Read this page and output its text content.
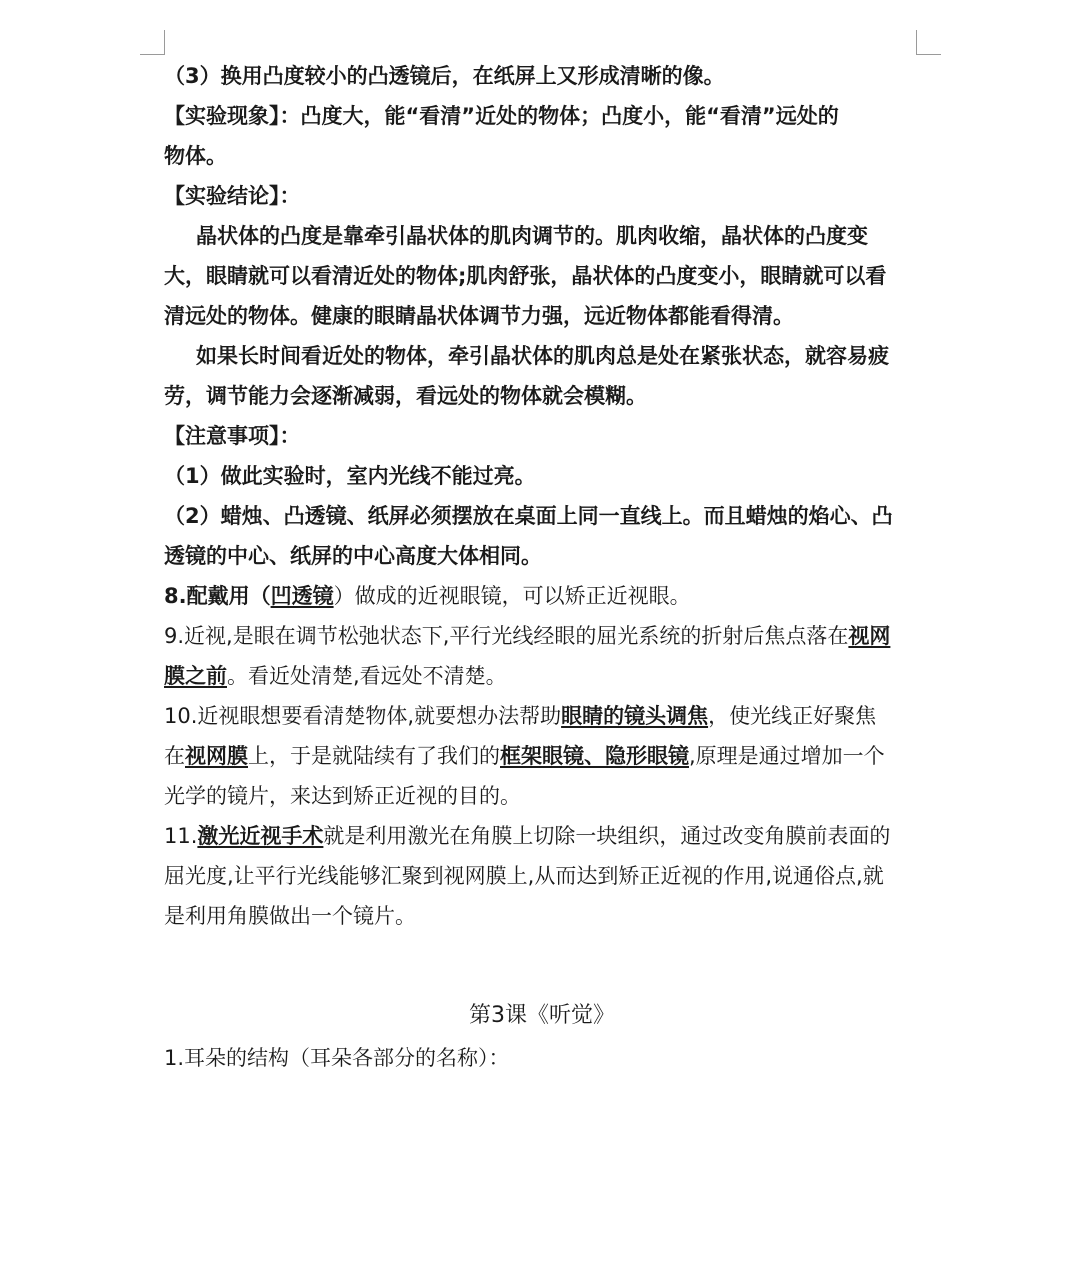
（3）换用凸度较小的凸透镜后，在纸屏上又形成清晰的像。

【实验现象】：凸度大，能“看清”近处的物体；凸度小，能“看清”远处的

物体。

【实验结论】：

晶状体的凸度是靠牵引晶状体的肌肉调节的。肌肉收缩，晶状体的凸度变

大，眼睛就可以看清近处的物体;肌肉舒张，晶状体的凸度变小，眼睛就可以看

清远处的物体。健康的眼睛晶状体调节力强，远近物体都能看得清。

如果长时间看近处的物体，牵引晶状体的肌肉总是处在紧张状态，就容易疲

劳，调节能力会逐渐减弱，看远处的物体就会模糊。

【注意事项】：

（1）做此实验时，室内光线不能过亮。

（2）蜡烛、凸透镜、纸屏必须摆放在桌面上同一直线上。而且蜡烛的焰心、凸

透镜的中心、纸屏的中心高度大体相同。

8.配戴用（凹透镜）做成的近视眼镜，可以矫正近视眼。

9.近视,是眼在调节松弛状态下,平行光线经眼的屈光系统的折射后焦点落在视网

膜之前。看近处清楚,看远处不清楚。

10.近视眼想要看清楚物体,就要想办法帮助眼睛的镜头调焦，使光线正好聚焦

在视网膜上，于是就陆续有了我们的框架眼镜、隐形眼镜,原理是通过增加一个

光学的镜片，来达到矫正近视的目的。

11.激光近视手术就是利用激光在角膜上切除一块组织，通过改变角膜前表面的

屈光度,让平行光线能够汇聚到视网膜上,从而达到矫正近视的作用,说通俗点,就

是利用角膜做出一个镜片。

第3课《听觉》

1.耳朵的结构（耳朵各部分的名称）：
